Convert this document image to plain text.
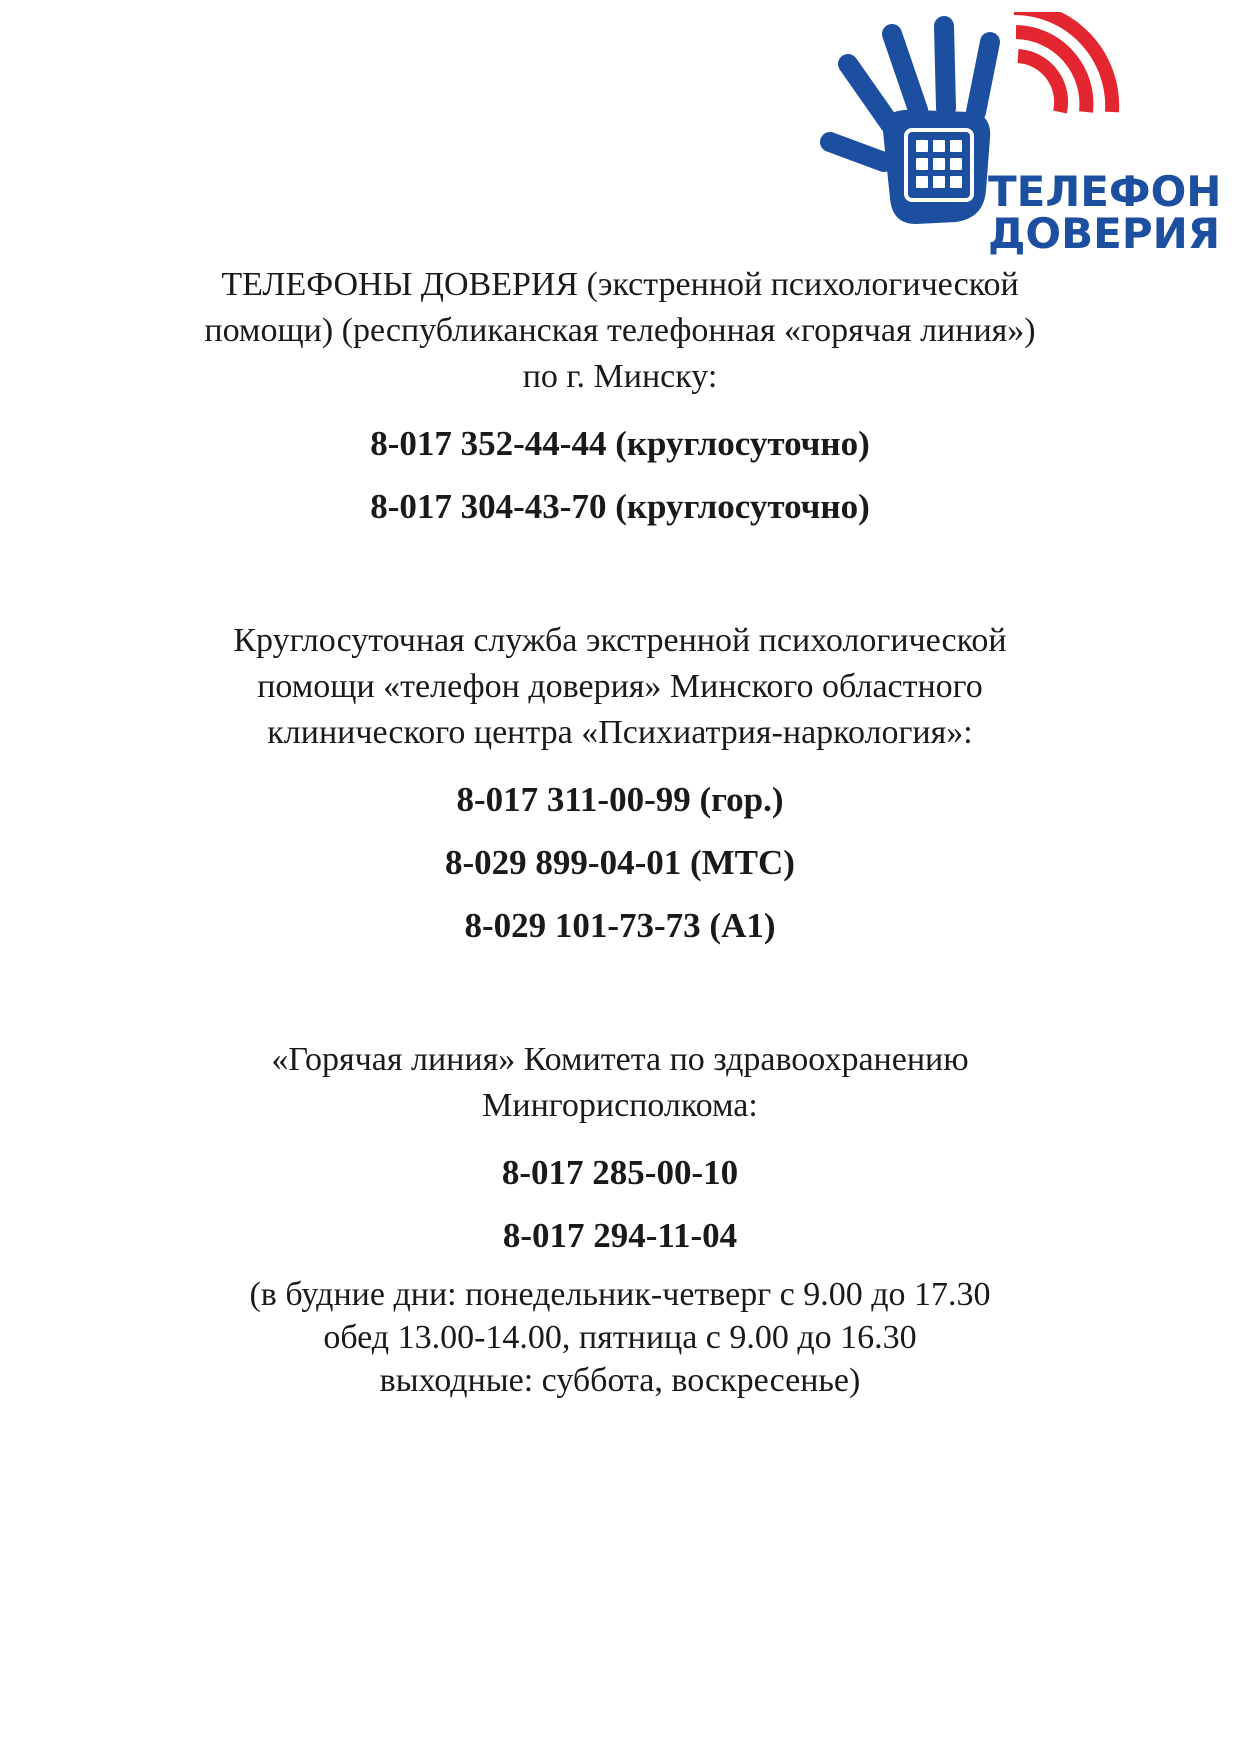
ТЕЛЕФОН
ДОВЕРИЯ
ТЕЛЕФОНЫ ДОВЕРИЯ (экстренной психологической
помощи) (республиканская телефонная «горячая линия»)
по г. Минску:
8-017 352-44-44 (круглосуточно)
8-017 304-43-70 (круглосуточно)
Круглосуточная служба экстренной психологической
помощи «телефон доверия» Минского областного
клинического центра «Психиатрия-наркология»:
8-017 311-00-99 (гор.)
8-029 899-04-01 (МТС)
8-029 101-73-73 (А1)
«Горячая линия» Комитета по здравоохранению
Мингорисполкома:
8-017 285-00-10
8-017 294-11-04
(в будние дни: понедельник-четверг с 9.00 до 17.30
обед 13.00-14.00, пятница с 9.00 до 16.30
выходные: суббота, воскресенье)
